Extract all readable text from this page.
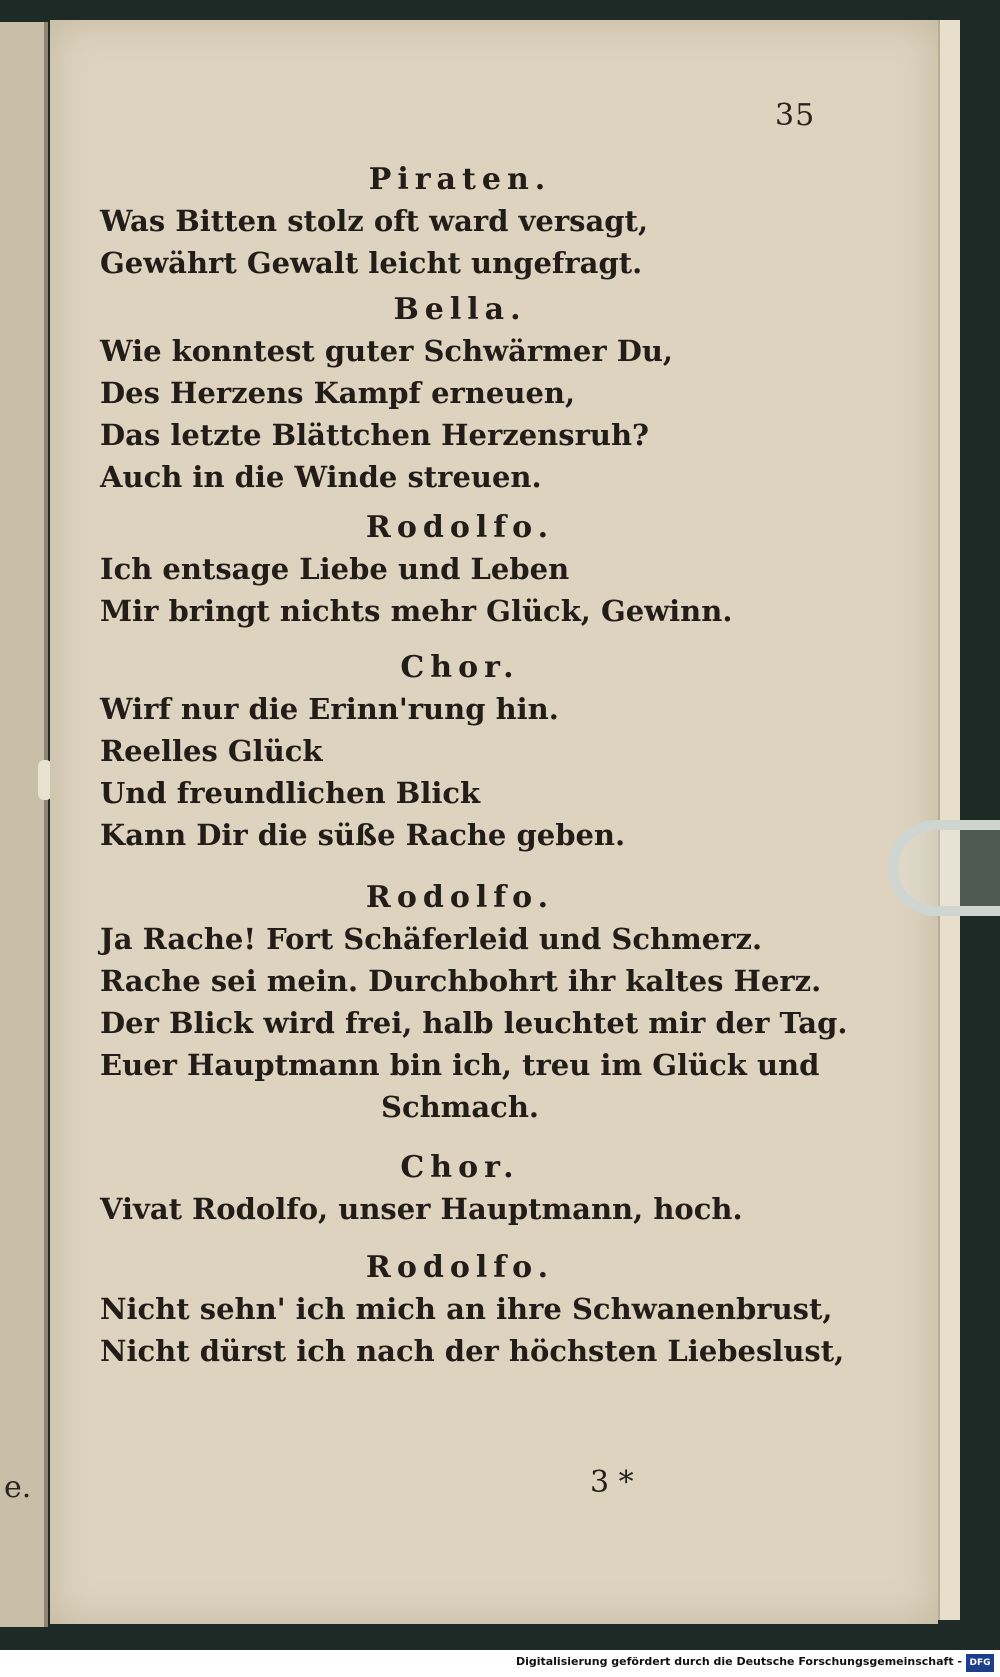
e.
35

Piraten.

Was Bitten stolz oft ward versagt,

Gewährt Gewalt leicht ungefragt.

Bella.

Wie konntest guter Schwärmer Du,

Des Herzens Kampf erneuen,

Das letzte Blättchen Herzensruh?

Auch in die Winde streuen.

Rodolfo.

Ich entsage Liebe und Leben

Mir bringt nichts mehr Glück, Gewinn.

Chor.

Wirf nur die Erinn'rung hin.

Reelles Glück

Und freundlichen Blick

Kann Dir die süße Rache geben.

Rodolfo.

Ja Rache! Fort Schäferleid und Schmerz.

Rache sei mein. Durchbohrt ihr kaltes Herz.

Der Blick wird frei, halb leuchtet mir der Tag.

Euer Hauptmann bin ich, treu im Glück und

Schmach.

Chor.

Vivat Rodolfo, unser Hauptmann, hoch.

Rodolfo.

Nicht sehn' ich mich an ihre Schwanenbrust,

Nicht dürst ich nach der höchsten Liebeslust,

3 *
Digitalisierung gefördert durch die Deutsche Forschungsgemeinschaft - DFG
